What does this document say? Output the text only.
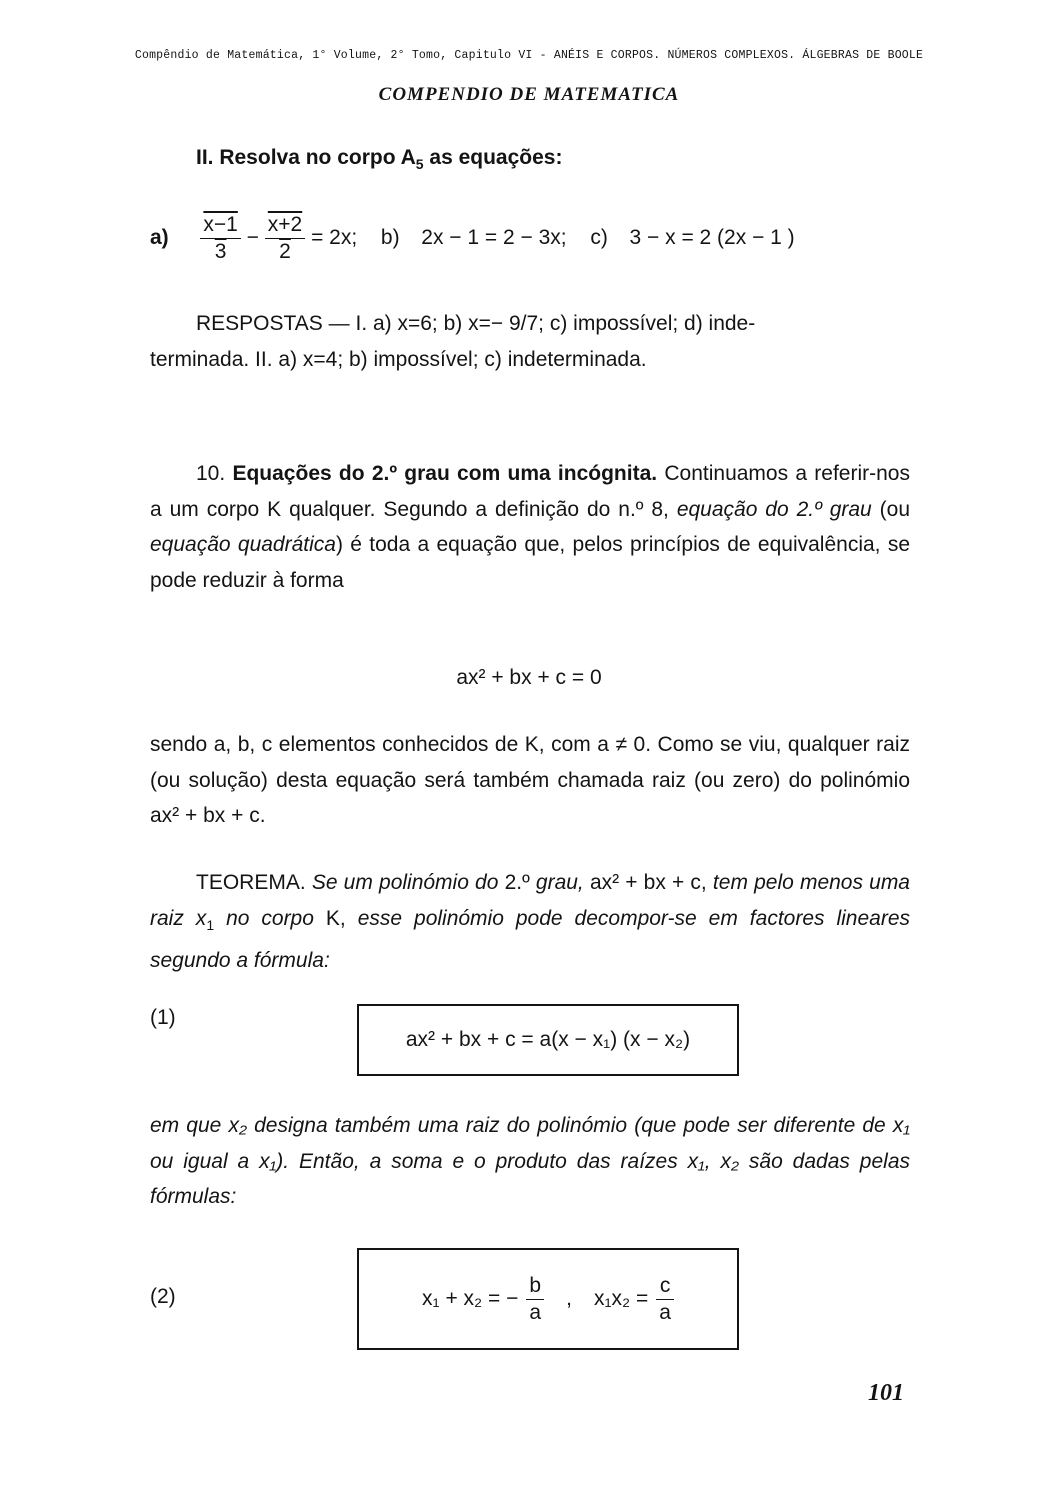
Compêndio de Matemática, 1° Volume, 2° Tomo, Capitulo VI - ANÉIS E CORPOS. NÚMEROS COMPLEXOS. ÁLGEBRAS DE BOOLE
COMPENDIO DE MATEMATICA
II. Resolva no corpo $A_5$ as equações:
$a) \frac{x-1}{3} - \frac{x+2}{2} = 2x$; b) 2x − 1 = 2 − 3x; c) 3 − x = 2 (2x − 1 )

RESPOSTAS — I. a) x=6; b) x=− 9/7; c) impossível; d) inde-

terminada. II. a) x=4; b) impossível; c) indeterminada.

10. Equações do 2.º grau com uma incógnita. Continuamos a referir-nos a um corpo K qualquer. Segundo a definição do n.º 8, equação do 2.º grau (ou equação quadrática) é toda a equação que, pelos princípios de equivalência, se pode reduzir à forma

ax² + bx + c = 0
sendo a, b, c elementos conhecidos de K, com a ≠ 0. Como se viu, qualquer raiz (ou solução) desta equação será também chamada raiz (ou zero) do polinómio ax² + bx + c.

TEOREMA. Se um polinómio do 2.º grau, ax² + bx + c, tem pelo menos uma raiz $x_1$ no corpo K, esse polinómio pode decompor-se em factores lineares segundo a fórmula:

(1)
ax² + bx + c = a(x − x₁) (x − x₂)
em que x₂ designa também uma raiz do polinómio (que pode ser diferente de x₁ ou igual a x₁). Então, a soma e o produto das raízes x₁, x₂ são dadas pelas fórmulas:
(2)	x₁ + x₂ = − $\frac{b}{a}$ , $x_1x_2 = \frac{c}{a}$
101
